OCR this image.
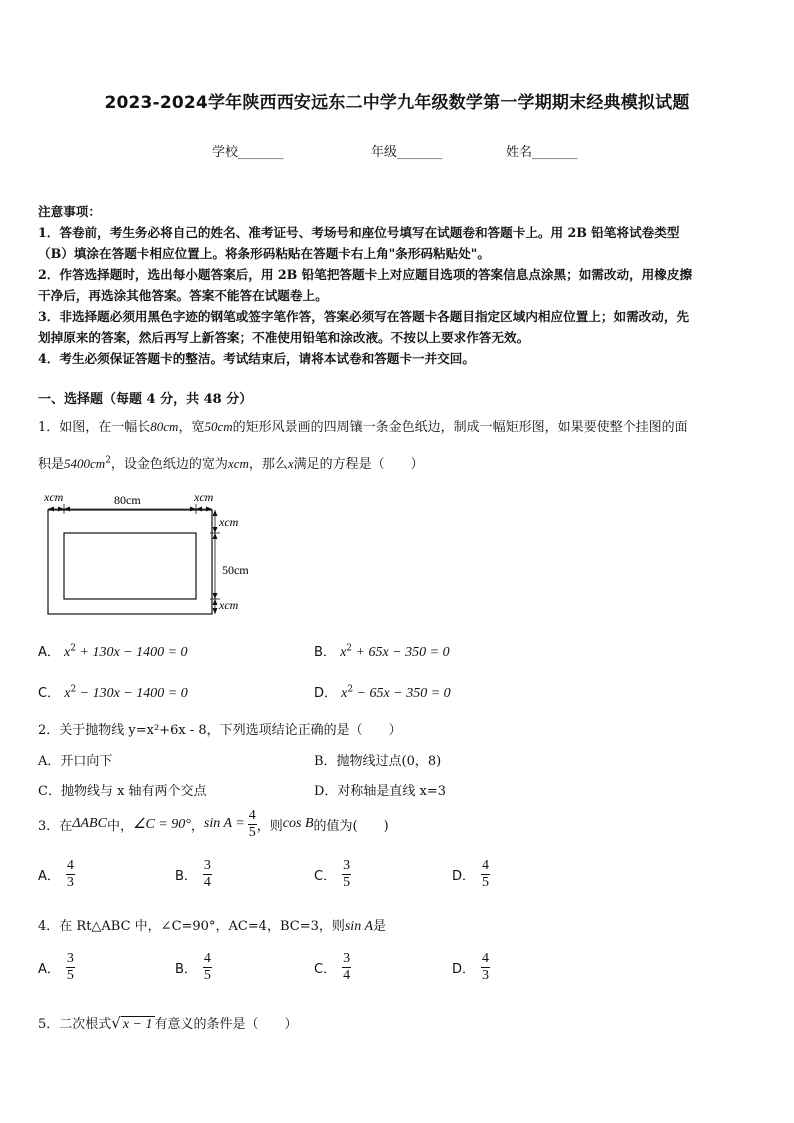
2023-2024学年陕西西安远东二中学九年级数学第一学期期末经典模拟试题
学校_______	年级_______	姓名_______

注意事项：

1．答卷前，考生务必将自己的姓名、准考证号、考场号和座位号填写在试题卷和答题卡上。用 2B 铅笔将试卷类型

（B）填涂在答题卡相应位置上。将条形码粘贴在答题卡右上角"条形码粘贴处"。

2．作答选择题时，选出每小题答案后，用 2B 铅笔把答题卡上对应题目选项的答案信息点涂黑；如需改动，用橡皮擦

干净后，再选涂其他答案。答案不能答在试题卷上。

3．非选择题必须用黑色字迹的钢笔或签字笔作答，答案必须写在答题卡各题目指定区域内相应位置上；如需改动，先

划掉原来的答案，然后再写上新答案；不准使用铅笔和涂改液。不按以上要求作答无效。

4．考生必须保证答题卡的整洁。考试结束后，请将本试卷和答题卡一并交回。

一、选择题（每题 4 分，共 48 分）
1．如图，在一幅长80cm，宽50cm的矩形风景画的四周镶一条金色纸边，制成一幅矩形图，如果要使整个挂图的面
积是$5400cm^2$，设金色纸边的宽为xcm，那么x满足的方程是（　　）
xcm	80cm	xcm
xcm
50cm
xcm
A． $x^2 + 130x - 1400 = 0$	B． $x^2 + 65x - 350 = 0$
C． $x^2 - 130x - 1400 = 0$	D． $x^2 - 65x - 350 = 0$
2．关于抛物线 y=x²+6x - 8，下列选项结论正确的是（　　）
A．开口向下	B．抛物线过点(0，8)
C．抛物线与 x 轴有两个交点	D．对称轴是直线 x=3
3．在 ΔABC 中， ∠C = 90° ， $\sin A = \frac{4}{5}$ ，则 cos B 的值为(　　)
A． $\frac{4}{3}$	B． $\frac{3}{4}$	C． $\frac{3}{5}$	D． $\frac{4}{5}$
4．在 Rt△ABC 中，∠C=90°，AC=4，BC=3，则sin A是
A． $\frac{3}{5}$	B． $\frac{4}{5}$	C． $\frac{3}{4}$	D． $\frac{4}{3}$
5．二次根式√ x − 1 有意义的条件是（　　）
